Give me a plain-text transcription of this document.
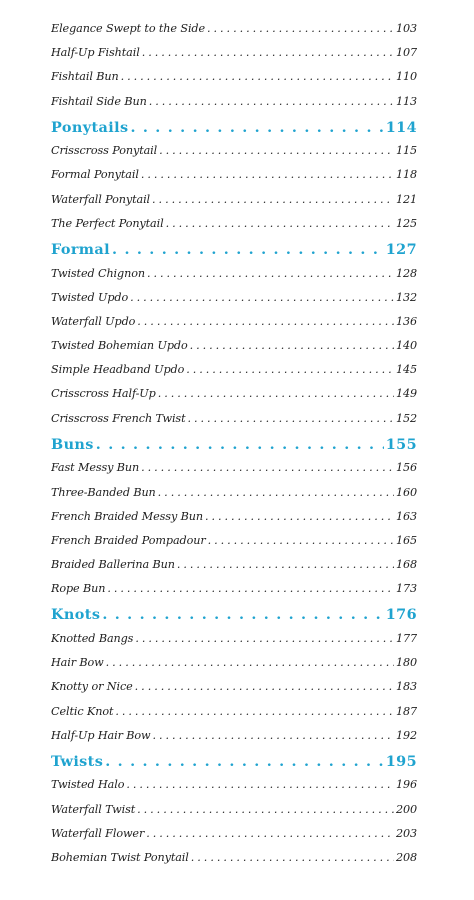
Elegance Swept to the Side . . .	103
Half-Up Fishtail . . .	107
Fishtail Bun . . .	110
Fishtail Side Bun . . .	113
Ponytails . . .	114
Crisscross Ponytail . . .	115
Formal Ponytail . . .	118
Waterfall Ponytail . . .	121
The Perfect Ponytail . . .	125
Formal . . .	127
Twisted Chignon . . .	128
Twisted Updo . . .	132
Waterfall Updo . . .	136
Twisted Bohemian Updo . . .	140
Simple Headband Updo . . .	145
Crisscross Half-Up . . .	149
Crisscross French Twist . . .	152
Buns . . .	155
Fast Messy Bun . . .	156
Three-Banded Bun . . .	160
French Braided Messy Bun . . .	163
French Braided Pompadour . . .	165
Braided Ballerina Bun . . .	168
Rope Bun . . .	173
Knots . . .	176
Knotted Bangs . . .	177
Hair Bow . . .	180
Knotty or Nice . . .	183
Celtic Knot . . .	187
Half-Up Hair Bow . . .	192
Twists . . .	195
Twisted Halo . . .	196
Waterfall Twist . . .	200
Waterfall Flower . . .	203
Bohemian Twist Ponytail . . .	208
